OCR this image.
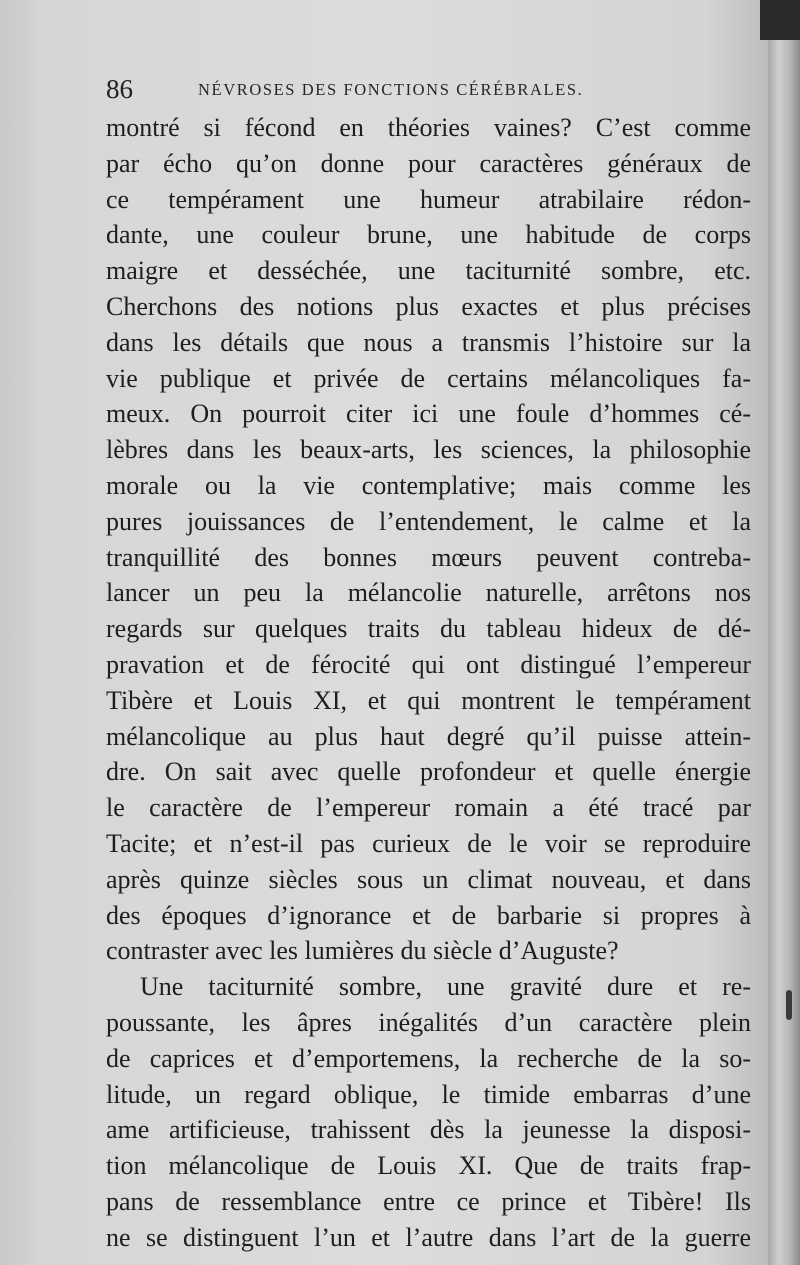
86	NÉVROSES DES FONCTIONS CÉRÉBRALES.
montré si fécond en théories vaines? C’est comme
par écho qu’on donne pour caractères généraux de
ce tempérament une humeur atrabilaire rédon-
dante, une couleur brune, une habitude de corps
maigre et desséchée, une taciturnité sombre, etc.
Cherchons des notions plus exactes et plus précises
dans les détails que nous a transmis l’histoire sur la
vie publique et privée de certains mélancoliques fa-
meux. On pourroit citer ici une foule d’hommes cé-
lèbres dans les beaux-arts, les sciences, la philosophie
morale ou la vie contemplative; mais comme les
pures jouissances de l’entendement, le calme et la
tranquillité des bonnes mœurs peuvent contreba-
lancer un peu la mélancolie naturelle, arrêtons nos
regards sur quelques traits du tableau hideux de dé-
pravation et de férocité qui ont distingué l’empereur
Tibère et Louis XI, et qui montrent le tempérament
mélancolique au plus haut degré qu’il puisse attein-
dre. On sait avec quelle profondeur et quelle énergie
le caractère de l’empereur romain a été tracé par
Tacite; et n’est-il pas curieux de le voir se reproduire
après quinze siècles sous un climat nouveau, et dans
des époques d’ignorance et de barbarie si propres à
contraster avec les lumières du siècle d’Auguste?
Une taciturnité sombre, une gravité dure et re-
poussante, les âpres inégalités d’un caractère plein
de caprices et d’emportemens, la recherche de la so-
litude, un regard oblique, le timide embarras d’une
ame artificieuse, trahissent dès la jeunesse la disposi-
tion mélancolique de Louis XI. Que de traits frap-
pans de ressemblance entre ce prince et Tibère! Ils
ne se distinguent l’un et l’autre dans l’art de la guerre
